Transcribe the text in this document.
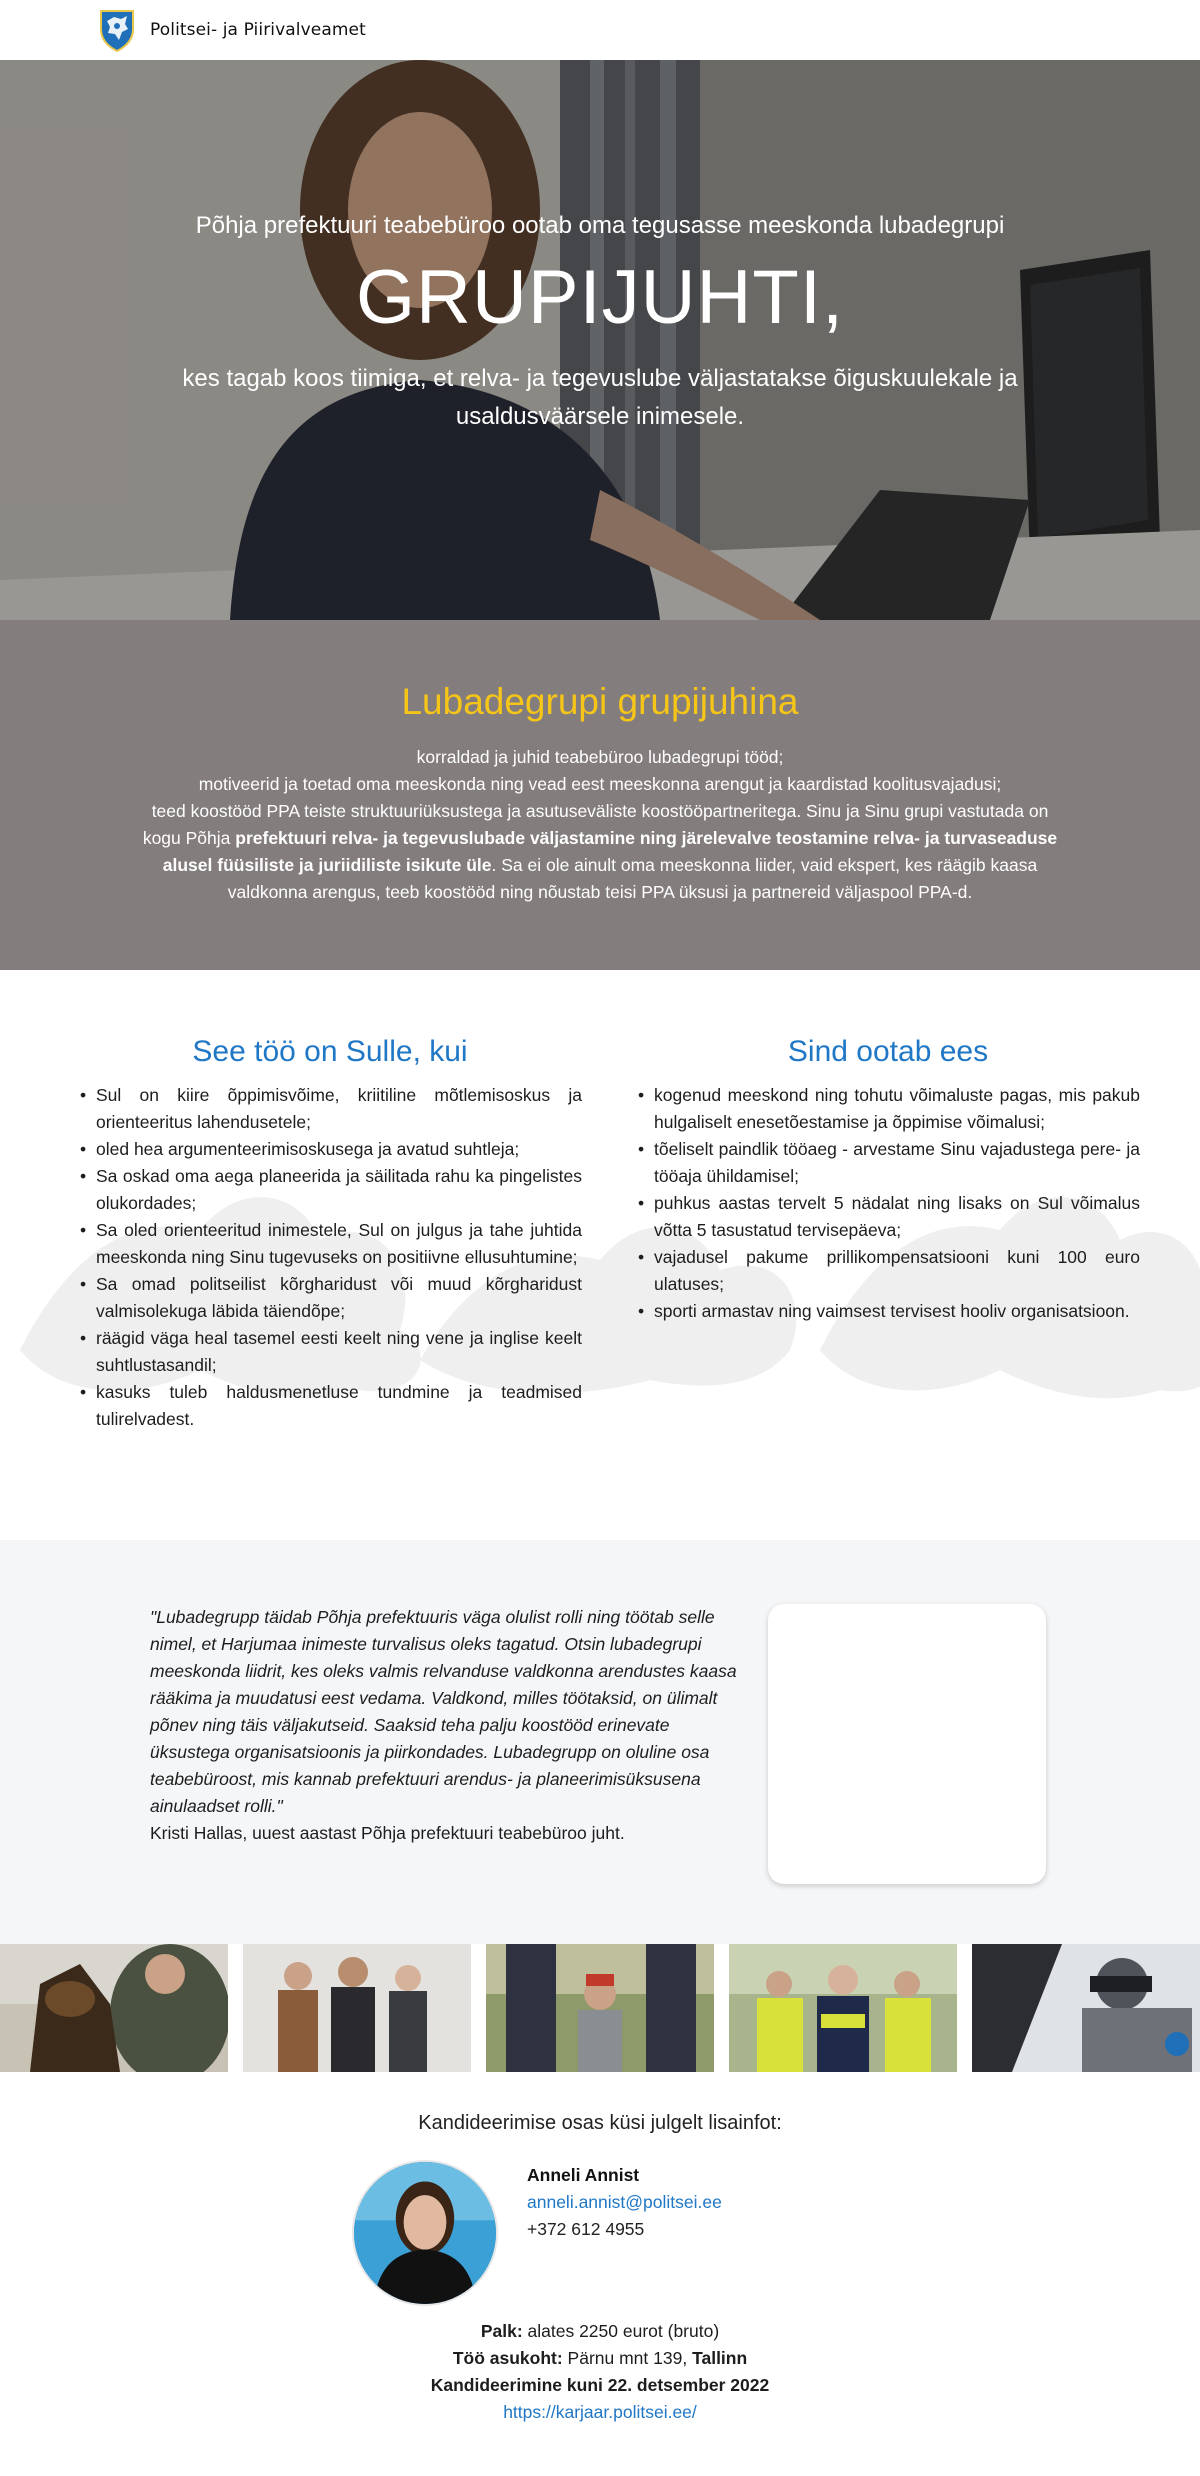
Politsei- ja Piirivalveamet
Põhja prefektuuri teabebüroo ootab oma tegusasse meeskonda lubadegrupi
GRUPIJUHTI,
kes tagab koos tiimiga, et relva- ja tegevuslube väljastatakse õiguskuulekale ja usaldusväärsele inimesele.
Lubadegrupi grupijuhina
korraldad ja juhid teabebüroo lubadegrupi tööd;
motiveerid ja toetad oma meeskonda ning vead eest meeskonna arengut ja kaardistad koolitusvajadusi;
teed koostööd PPA teiste struktuuriüksustega ja asutuseväliste koostööpartneritega. Sinu ja Sinu grupi vastutada on kogu Põhja prefektuuri relva- ja tegevuslubade väljastamine ning järelevalve teostamine relva- ja turvaseaduse alusel füüsiliste ja juriidiliste isikute üle. Sa ei ole ainult oma meeskonna liider, vaid ekspert, kes räägib kaasa valdkonna arengus, teeb koostööd ning nõustab teisi PPA üksusi ja partnereid väljaspool PPA-d.
See töö on Sulle, kui
• Sul on kiire õppimisvõime, kriitiline mõtlemisoskus ja orienteeritus lahendusetele;
• oled hea argumenteerimisoskusega ja avatud suhtleja;
• Sa oskad oma aega planeerida ja säilitada rahu ka pingelistes olukordades;
• Sa oled orienteeritud inimestele, Sul on julgus ja tahe juhtida meeskonda ning Sinu tugevuseks on positiivne ellusuhtumine;
• Sa omad politseilist kõrgharidust või muud kõrgharidust valmisolekuga läbida täiendõpe;
• räägid väga heal tasemel eesti keelt ning vene ja inglise keelt suhtlustasandil;
• kasuks tuleb haldusmenetluse tundmine ja teadmised tulirelvadest.
Sind ootab ees
• kogenud meeskond ning tohutu võimaluste pagas, mis pakub hulgaliselt enesetõestamise ja õppimise võimalusi;
• tõeliselt paindlik tööaeg - arvestame Sinu vajadustega pere- ja tööaja ühildamisel;
• puhkus aastas tervelt 5 nädalat ning lisaks on Sul võimalus võtta 5 tasustatud tervisepäeva;
• vajadusel pakume prillikompensatsiooni kuni 100 euro ulatuses;
• sporti armastav ning vaimsest tervisest hooliv organisatsioon.
"Lubadegrupp täidab Põhja prefektuuris väga olulist rolli ning töötab selle nimel, et Harjumaa inimeste turvalisus oleks tagatud. Otsin lubadegrupi meeskonda liidrit, kes oleks valmis relvanduse valdkonna arendustes kaasa rääkima ja muudatusi eest vedama. Valdkond, milles töötaksid, on ülimalt põnev ning täis väljakutseid. Saaksid teha palju koostööd erinevate üksustega organisatsioonis ja piirkondades. Lubadegrupp on oluline osa teabebüroost, mis kannab prefektuuri arendus- ja planeerimisüksusena ainulaadset rolli."
Kristi Hallas, uuest aastast Põhja prefektuuri teabebüroo juht.
Kandideerimise osas küsi julgelt lisainfot:
Anneli Annist
anneli.annist@politsei.ee
+372 612 4955
Palk: alates 2250 eurot (bruto)
Töö asukoht: Pärnu mnt 139, Tallinn
Kandideerimine kuni 22. detsember 2022
https://karjaar.politsei.ee/
